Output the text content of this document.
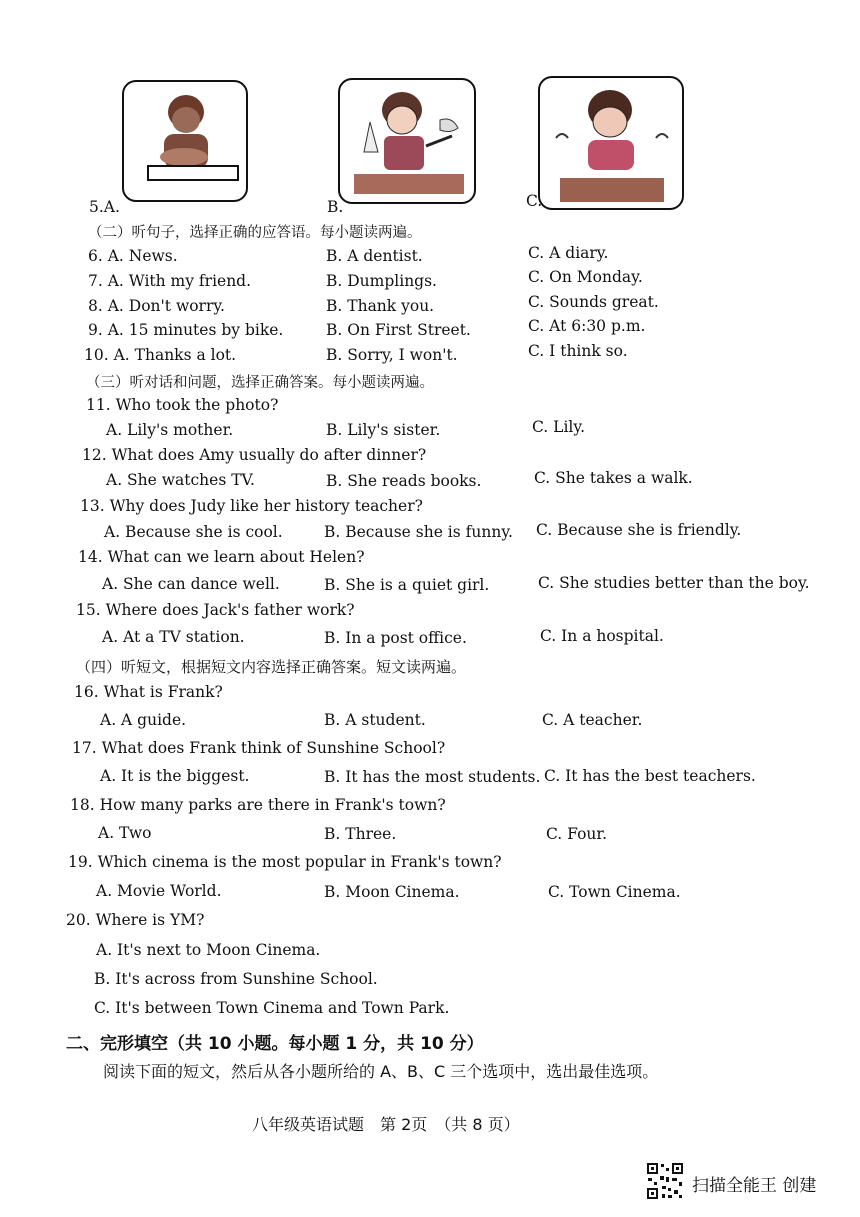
5.A.	B.	C.
（二）听句子，选择正确的应答语。每小题读两遍。
6. A. News.	B. A dentist.	C. A diary.
7. A. With my friend.	B. Dumplings.	C. On Monday.
8. A. Don't worry.	B. Thank you.	C. Sounds great.
9. A. 15 minutes by bike.	B. On First Street.	C. At 6:30 p.m.
10. A. Thanks a lot.	B. Sorry, I won't.	C. I think so.
（三）听对话和问题，选择正确答案。每小题读两遍。
11. Who took the photo?
A. Lily's mother.	B. Lily's sister.	C. Lily.
12. What does Amy usually do after dinner?
A. She watches TV.	B. She reads books.	C. She takes a walk.
13. Why does Judy like her history teacher?
A. Because she is cool.	B. Because she is funny. C. Because she is friendly.
14. What can we learn about Helen?
A. She can dance well.	B. She is a quiet girl.	C. She studies better than the boy.
15. Where does Jack's father work?
A. At a TV station.	B. In a post office.	C. In a hospital.
（四）听短文，根据短文内容选择正确答案。短文读两遍。
16. What is Frank?
A. A guide.	B. A student.	C. A teacher.
17. What does Frank think of Sunshine School?
A. It is the biggest.	B. It has the most students. C. It has the best teachers.
18. How many parks are there in Frank's town?
A. Two	B. Three.	C. Four.
19. Which cinema is the most popular in Frank's town?
A. Movie World.	B. Moon Cinema.	C. Town Cinema.
20. Where is YM?
A. It's next to Moon Cinema.
B. It's across from Sunshine School.
C. It's between Town Cinema and Town Park.
二、完形填空（共 10 小题。每小题 1 分，共 10 分）
阅读下面的短文，然后从各小题所给的 A、B、C 三个选项中，选出最佳选项。
八年级英语试题　第 2页　（共 8 页）
扫描全能王 创建
